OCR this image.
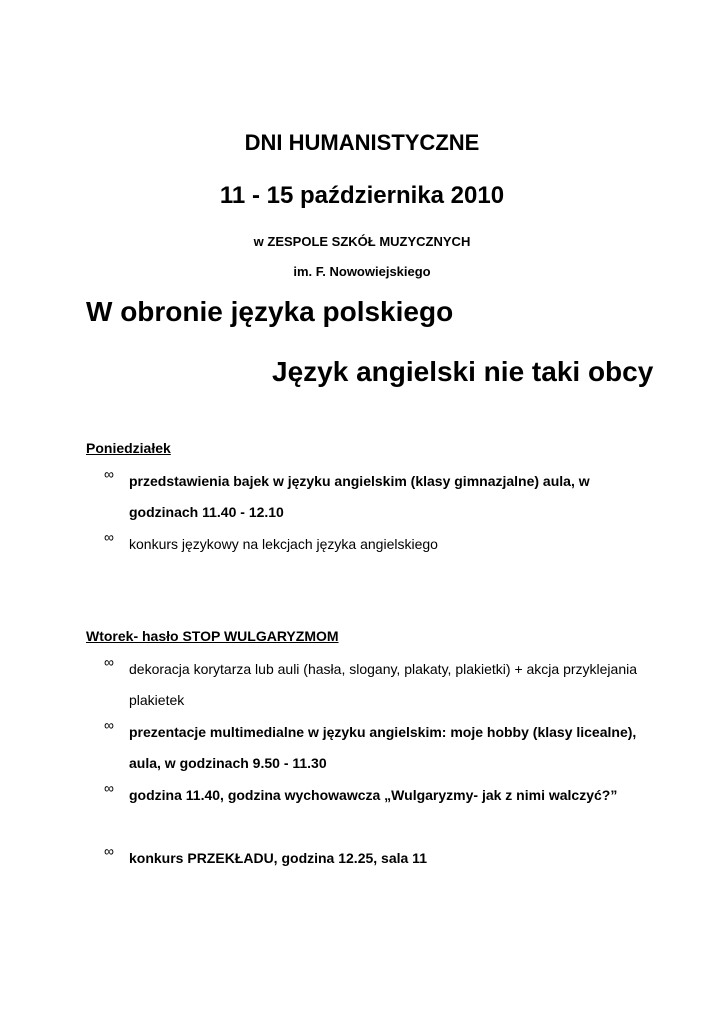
DNI HUMANISTYCZNE
11 - 15 października 2010
w ZESPOLE SZKÓŁ MUZYCZNYCH
im. F. Nowowiejskiego
W obronie języka polskiego
Język angielski nie taki obcy
Poniedziałek
∞	przedstawienia bajek w języku angielskim (klasy gimnazjalne) aula, w godzinach 11.40 - 12.10
∞	konkurs językowy na lekcjach języka angielskiego
Wtorek- hasło STOP WULGARYZMOM
∞	dekoracja korytarza lub auli (hasła, slogany, plakaty, plakietki) + akcja przyklejania plakietek
∞	prezentacje multimedialne w języku angielskim: moje hobby (klasy licealne), aula, w godzinach 9.50 - 11.30
∞	godzina 11.40, godzina wychowawcza „Wulgaryzmy- jak z nimi walczyć?”
∞	konkurs PRZEKŁADU, godzina 12.25, sala 11
